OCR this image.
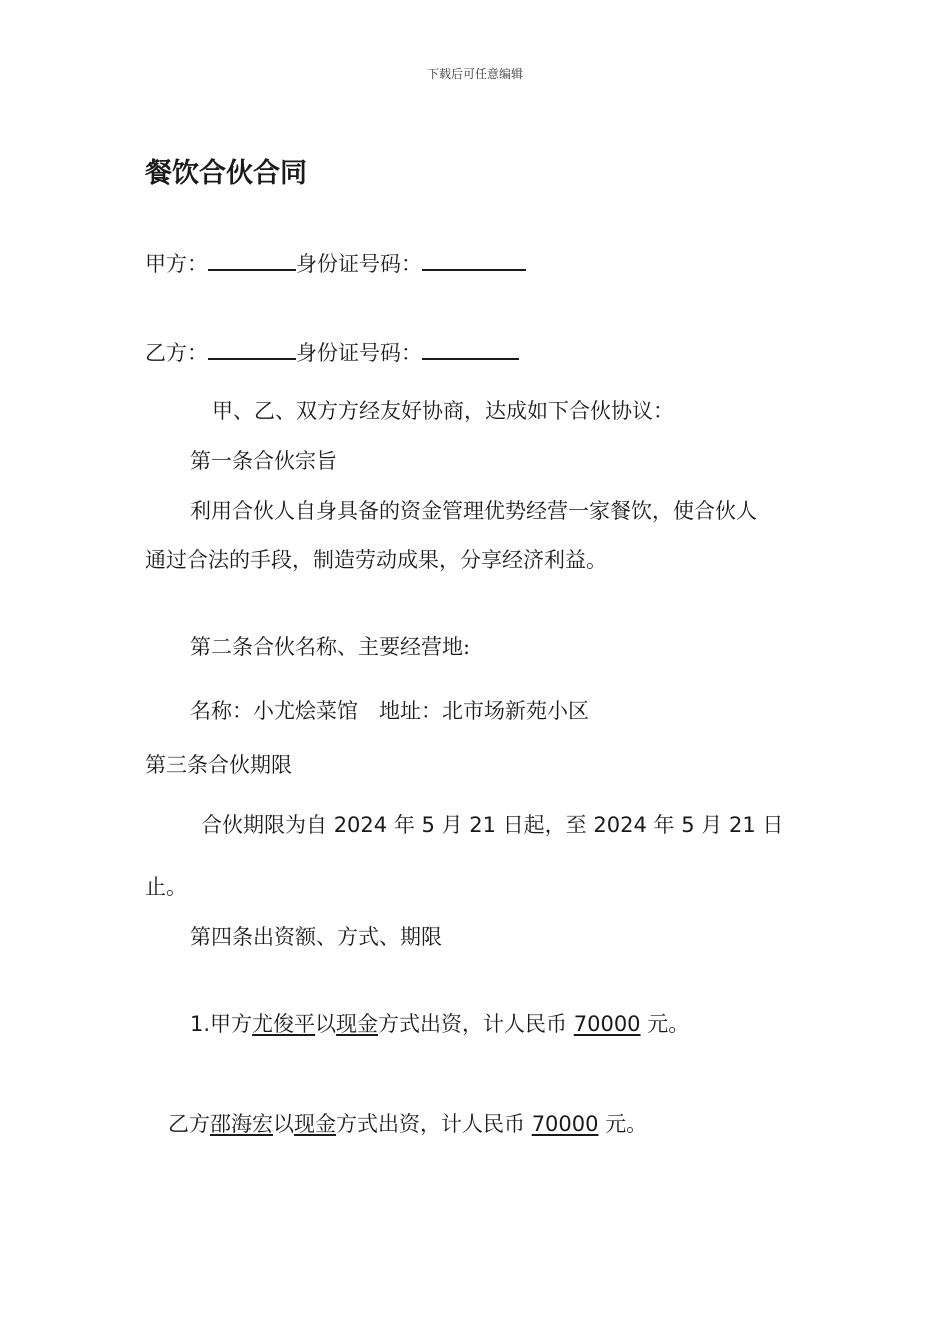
下载后可任意编辑
餐饮合伙合同
甲方：	身份证号码：
乙方：	身份证号码：
甲、乙、双方方经友好协商，达成如下合伙协议：
第一条合伙宗旨
利用合伙人自身具备的资金管理优势经营一家餐饮，使合伙人
通过合法的手段，制造劳动成果，分享经济利益。
第二条合伙名称、主要经营地:
名称：小尤烩菜馆　地址：北市场新苑小区
第三条合伙期限
合伙期限为自 2024 年 5 月 21 日起，至 2024 年 5 月 21 日
止。
第四条出资额、方式、期限
1.甲方尤俊平以现金方式出资，计人民币 70000 元。
乙方邵海宏以现金方式出资，计人民币 70000 元。
